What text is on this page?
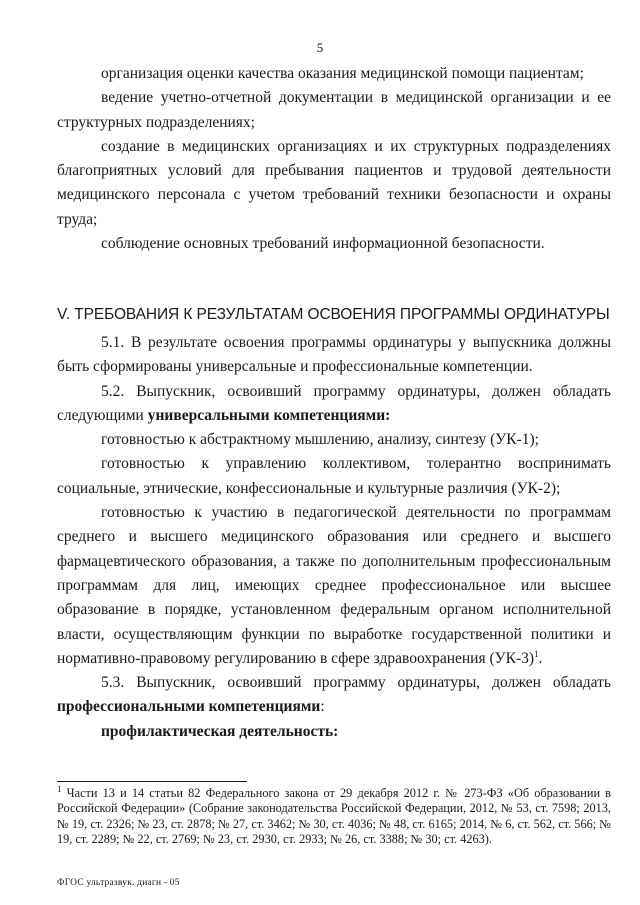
5

организация оценки качества оказания медицинской помощи пациентам;

ведение учетно-отчетной документации в медицинской организации и ее структурных подразделениях;

создание в медицинских организациях и их структурных подразделениях благоприятных условий для пребывания пациентов и трудовой деятельности медицинского персонала с учетом требований техники безопасности и охраны труда;

соблюдение основных требований информационной безопасности.

V. ТРЕБОВАНИЯ К РЕЗУЛЬТАТАМ ОСВОЕНИЯ ПРОГРАММЫ ОРДИНАТУРЫ

5.1. В результате освоения программы ординатуры у выпускника должны быть сформированы универсальные и профессиональные компетенции.

5.2. Выпускник, освоивший программу ординатуры, должен обладать следующими универсальными компетенциями:

готовностью к абстрактному мышлению, анализу, синтезу (УК-1);

готовностью к управлению коллективом, толерантно воспринимать социальные, этнические, конфессиональные и культурные различия (УК-2);

готовностью к участию в педагогической деятельности по программам среднего и высшего медицинского образования или среднего и высшего фармацевтического образования, а также по дополнительным профессиональным программам для лиц, имеющих среднее профессиональное или высшее образование в порядке, установленном федеральным органом исполнительной власти, осуществляющим функции по выработке государственной политики и нормативно-правовому регулированию в сфере здравоохранения $(УК-3)^1$.

5.3. Выпускник, освоивший программу ординатуры, должен обладать профессиональными компетенциями:

профилактическая деятельность:

$^1$ Части 13 и 14 статьи 82 Федерального закона от 29 декабря 2012 г. № 273-ФЗ «Об образовании в Российской Федерации» (Собрание законодательства Российской Федерации, 2012, № 53, ст. 7598; 2013, № 19, ст. 2326; № 23, ст. 2878; № 27, ст. 3462; № 30, ст. 4036; № 48, ст. 6165; 2014, № 6, ст. 562, ст. 566; № 19, ст. 2289; № 22, ст. 2769; № 23, ст. 2930, ст. 2933; № 26, ст. 3388; № 30; ст. 4263).
ФГОС ультразвук. диагн - 05
